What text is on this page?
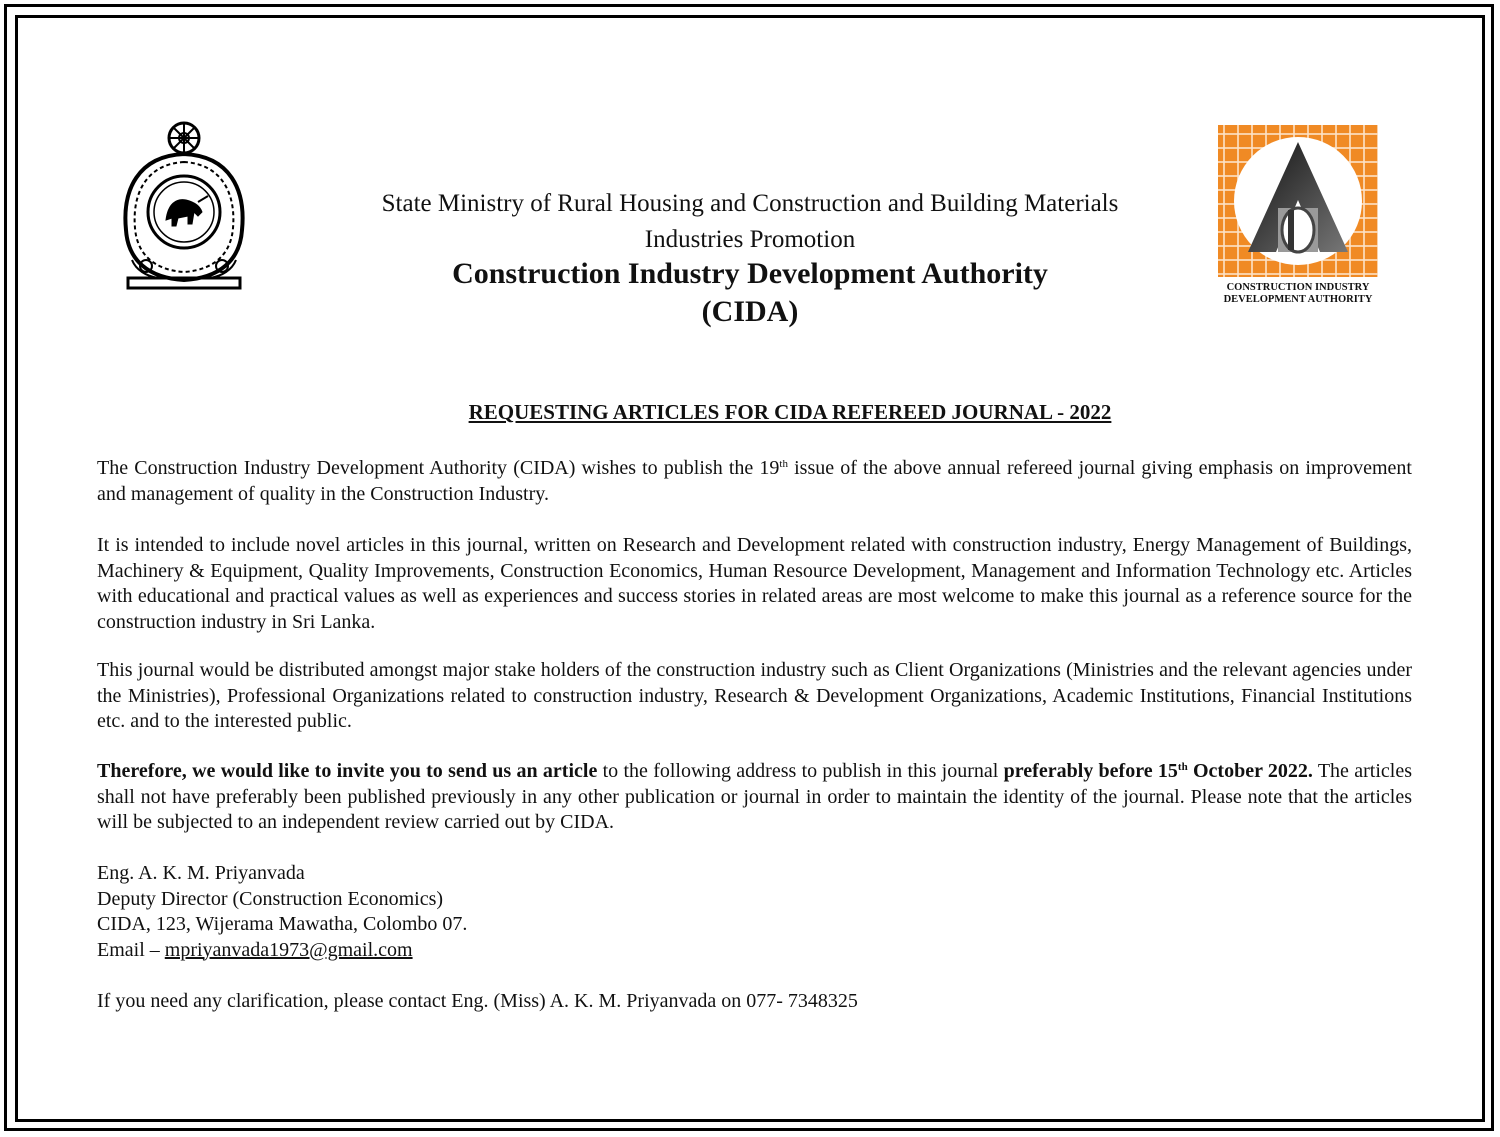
CONSTRUCTION INDUSTRY
DEVELOPMENT AUTHORITY
State Ministry of Rural Housing and Construction and Building Materials
Industries Promotion
Construction Industry Development Authority
(CIDA)
REQUESTING ARTICLES FOR CIDA REFEREED JOURNAL - 2022

The Construction Industry Development Authority (CIDA) wishes to publish the 19th issue of the above annual refereed journal giving emphasis on improvement and management of quality in the Construction Industry.

It is intended to include novel articles in this journal, written on Research and Development related with construction industry, Energy Management of Buildings, Machinery & Equipment, Quality Improvements, Construction Economics, Human Resource Development, Management and Information Technology etc. Articles with educational and practical values as well as experiences and success stories in related areas are most welcome to make this journal as a reference source for the construction industry in Sri Lanka.

This journal would be distributed amongst major stake holders of the construction industry such as Client Organizations (Ministries and the relevant agencies under the Ministries), Professional Organizations related to construction industry, Research & Development Organizations, Academic Institutions, Financial Institutions etc. and to the interested public.

Therefore, we would like to invite you to send us an article to the following address to publish in this journal preferably before 15th October 2022. The articles shall not have preferably been published previously in any other publication or journal in order to maintain the identity of the journal. Please note that the articles will be subjected to an independent review carried out by CIDA.

Eng. A. K. M. Priyanvada
Deputy Director (Construction Economics)
CIDA, 123, Wijerama Mawatha, Colombo 07.
Email – mpriyanvada1973@gmail.com
If you need any clarification, please contact Eng. (Miss) A. K. M. Priyanvada on 077- 7348325
